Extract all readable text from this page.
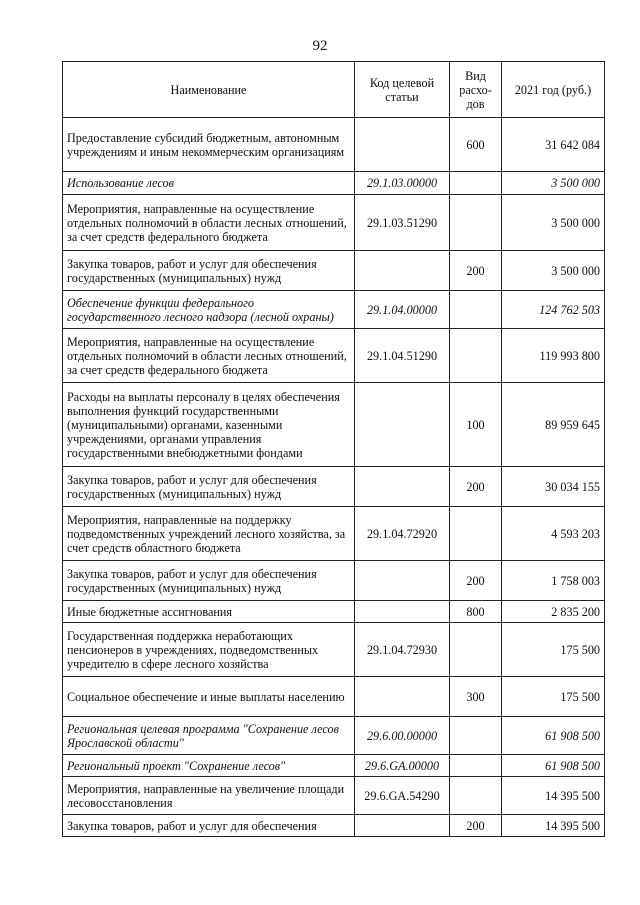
92
Наименование	Код целевой статьи	Вид расхо-дов	2021 год (руб.)
Предоставление субсидий бюджетным, автономным учреждениям и иным некоммерческим организациям		600	31 642 084
Использование лесов	29.1.03.00000		3 500 000
Мероприятия, направленные на осуществление отдельных полномочий в области лесных отношений, за счет средств федерального бюджета	29.1.03.51290		3 500 000
Закупка товаров, работ и услуг для обеспечения государственных (муниципальных) нужд		200	3 500 000
Обеспечение функции федерального государственного лесного надзора (лесной охраны)	29.1.04.00000		124 762 503
Мероприятия, направленные на осуществление отдельных полномочий в области лесных отношений, за счет средств федерального бюджета	29.1.04.51290		119 993 800
Расходы на выплаты персоналу в целях обеспечения выполнения функций государственными (муниципальными) органами, казенными учреждениями, органами управления государственными внебюджетными фондами		100	89 959 645
Закупка товаров, работ и услуг для обеспечения государственных (муниципальных) нужд		200	30 034 155
Мероприятия, направленные на поддержку подведомственных учреждений лесного хозяйства, за счет средств областного бюджета	29.1.04.72920		4 593 203
Закупка товаров, работ и услуг для обеспечения государственных (муниципальных) нужд		200	1 758 003
Иные бюджетные ассигнования		800	2 835 200
Государственная поддержка неработающих пенсионеров в учреждениях, подведомственных учредителю в сфере лесного хозяйства	29.1.04.72930		175 500
Социальное обеспечение и иные выплаты населению		300	175 500
Региональная целевая программа "Сохранение лесов Ярославской области"	29.6.00.00000		61 908 500
Региональный проект "Сохранение лесов"	29.6.GA.00000		61 908 500
Мероприятия, направленные на увеличение площади лесовосстановления	29.6.GA.54290		14 395 500
Закупка товаров, работ и услуг для обеспечения		200	14 395 500
